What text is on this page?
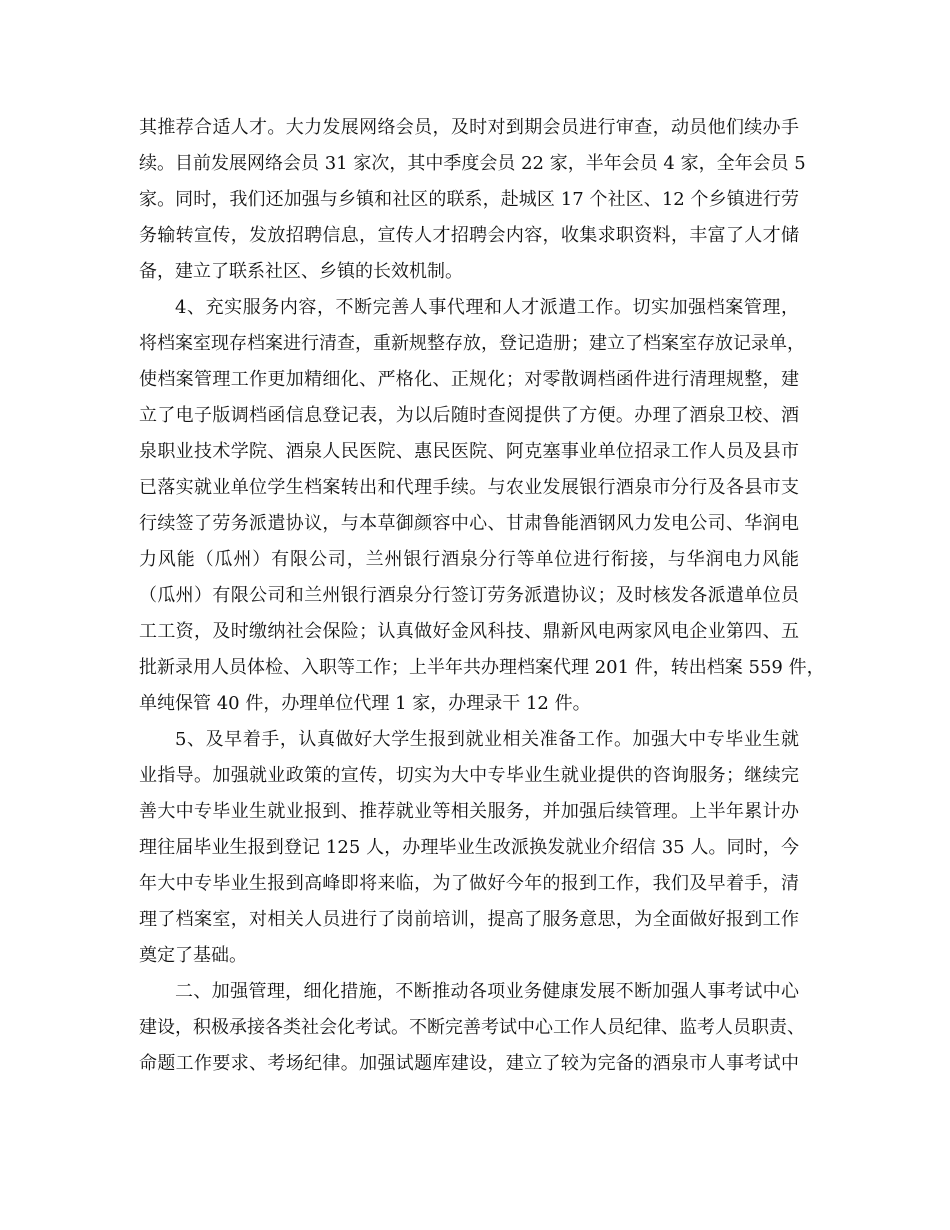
其推荐合适人才。大力发展网络会员，及时对到期会员进行审查，动员他们续办手
续。目前发展网络会员 31 家次，其中季度会员 22 家，半年会员 4 家，全年会员 5
家。同时，我们还加强与乡镇和社区的联系，赴城区 17 个社区、12 个乡镇进行劳
务输转宣传，发放招聘信息，宣传人才招聘会内容，收集求职资料，丰富了人才储
备，建立了联系社区、乡镇的长效机制。
4、充实服务内容，不断完善人事代理和人才派遣工作。切实加强档案管理，
将档案室现存档案进行清查，重新规整存放，登记造册；建立了档案室存放记录单，
使档案管理工作更加精细化、严格化、正规化；对零散调档函件进行清理规整，建
立了电子版调档函信息登记表，为以后随时查阅提供了方便。办理了酒泉卫校、酒
泉职业技术学院、酒泉人民医院、惠民医院、阿克塞事业单位招录工作人员及县市
已落实就业单位学生档案转出和代理手续。与农业发展银行酒泉市分行及各县市支
行续签了劳务派遣协议，与本草御颜容中心、甘肃鲁能酒钢风力发电公司、华润电
力风能（瓜州）有限公司，兰州银行酒泉分行等单位进行衔接，与华润电力风能
（瓜州）有限公司和兰州银行酒泉分行签订劳务派遣协议；及时核发各派遣单位员
工工资，及时缴纳社会保险；认真做好金风科技、鼎新风电两家风电企业第四、五
批新录用人员体检、入职等工作；上半年共办理档案代理 201 件，转出档案 559 件，
单纯保管 40 件，办理单位代理 1 家，办理录干 12 件。
5、及早着手，认真做好大学生报到就业相关准备工作。加强大中专毕业生就
业指导。加强就业政策的宣传，切实为大中专毕业生就业提供的咨询服务；继续完
善大中专毕业生就业报到、推荐就业等相关服务，并加强后续管理。上半年累计办
理往届毕业生报到登记 125 人，办理毕业生改派换发就业介绍信 35 人。同时，今
年大中专毕业生报到高峰即将来临，为了做好今年的报到工作，我们及早着手，清
理了档案室，对相关人员进行了岗前培训，提高了服务意思，为全面做好报到工作
奠定了基础。
二、加强管理，细化措施，不断推动各项业务健康发展不断加强人事考试中心
建设，积极承接各类社会化考试。不断完善考试中心工作人员纪律、监考人员职责、
命题工作要求、考场纪律。加强试题库建设，建立了较为完备的酒泉市人事考试中
